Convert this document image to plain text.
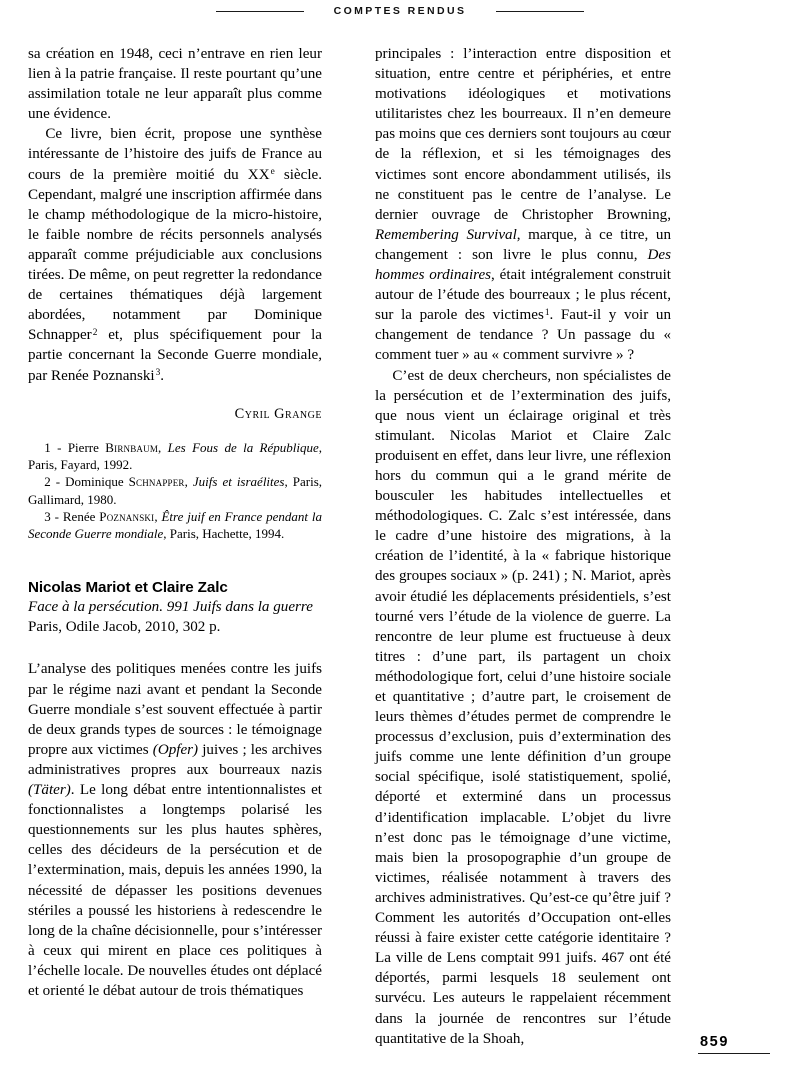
COMPTES RENDUS

sa création en 1948, ceci n’entrave en rien leur lien à la patrie française. Il reste pourtant qu’une assimilation totale ne leur apparaît plus comme une évidence.

Ce livre, bien écrit, propose une synthèse intéressante de l’histoire des juifs de France au cours de la première moitié du XXe siècle. Cependant, malgré une inscription affirmée dans le champ méthodologique de la micro-histoire, le faible nombre de récits personnels analysés apparaît comme préjudiciable aux conclusions tirées. De même, on peut regretter la redondance de certaines thématiques déjà largement abordées, notamment par Dominique Schnapper$^2$ et, plus spécifiquement pour la partie concernant la Seconde Guerre mondiale, par Renée Poznanski$^3$.

Cyril Grange

1 - Pierre Birnbaum, Les Fous de la République, Paris, Fayard, 1992.

2 - Dominique Schnapper, Juifs et israélites, Paris, Gallimard, 1980.

3 - Renée Poznanski, Être juif en France pendant la Seconde Guerre mondiale, Paris, Hachette, 1994.

Nicolas Mariot et Claire Zalc
Face à la persécution. 991 Juifs dans la guerre
Paris, Odile Jacob, 2010, 302 p.

L’analyse des politiques menées contre les juifs par le régime nazi avant et pendant la Seconde Guerre mondiale s’est souvent effectuée à partir de deux grands types de sources : le témoignage propre aux victimes (Opfer) juives ; les archives administratives propres aux bourreaux nazis (Täter). Le long débat entre intentionnalistes et fonctionnalistes a longtemps polarisé les questionnements sur les plus hautes sphères, celles des décideurs de la persécution et de l’extermination, mais, depuis les années 1990, la nécessité de dépasser les positions devenues stériles a poussé les historiens à redescendre le long de la chaîne décisionnelle, pour s’intéresser à ceux qui mirent en place ces politiques à l’échelle locale. De nouvelles études ont déplacé et orienté le débat autour de trois thématiques

principales : l’interaction entre disposition et situation, entre centre et périphéries, et entre motivations idéologiques et motivations utilitaristes chez les bourreaux. Il n’en demeure pas moins que ces derniers sont toujours au cœur de la réflexion, et si les témoignages des victimes sont encore abondamment utilisés, ils ne constituent pas le centre de l’analyse. Le dernier ouvrage de Christopher Browning, Remembering Survival, marque, à ce titre, un changement : son livre le plus connu, Des hommes ordinaires, était intégralement construit autour de l’étude des bourreaux ; le plus récent, sur la parole des victimes$^1$. Faut-il y voir un changement de tendance ? Un passage du « comment tuer » au « comment survivre » ?

C’est de deux chercheurs, non spécialistes de la persécution et de l’extermination des juifs, que nous vient un éclairage original et très stimulant. Nicolas Mariot et Claire Zalc produisent en effet, dans leur livre, une réflexion hors du commun qui a le grand mérite de bousculer les habitudes intellectuelles et méthodologiques. C. Zalc s’est intéressée, dans le cadre d’une histoire des migrations, à la création de l’identité, à la « fabrique historique des groupes sociaux » (p. 241) ; N. Mariot, après avoir étudié les déplacements présidentiels, s’est tourné vers l’étude de la violence de guerre. La rencontre de leur plume est fructueuse à deux titres : d’une part, ils partagent un choix méthodologique fort, celui d’une histoire sociale et quantitative ; d’autre part, le croisement de leurs thèmes d’études permet de comprendre le processus d’exclusion, puis d’extermination des juifs comme une lente définition d’un groupe social spécifique, isolé statistiquement, spolié, déporté et exterminé dans un processus d’identification implacable. L’objet du livre n’est donc pas le témoignage d’une victime, mais bien la prosopographie d’un groupe de victimes, réalisée notamment à travers des archives administratives. Qu’est-ce qu’être juif ? Comment les autorités d’Occupation ont-elles réussi à faire exister cette catégorie identitaire ? La ville de Lens comptait 991 juifs. 467 ont été déportés, parmi lesquels 18 seulement ont survécu. Les auteurs le rappelaient récemment dans la journée de rencontres sur l’étude quantitative de la Shoah,	859
